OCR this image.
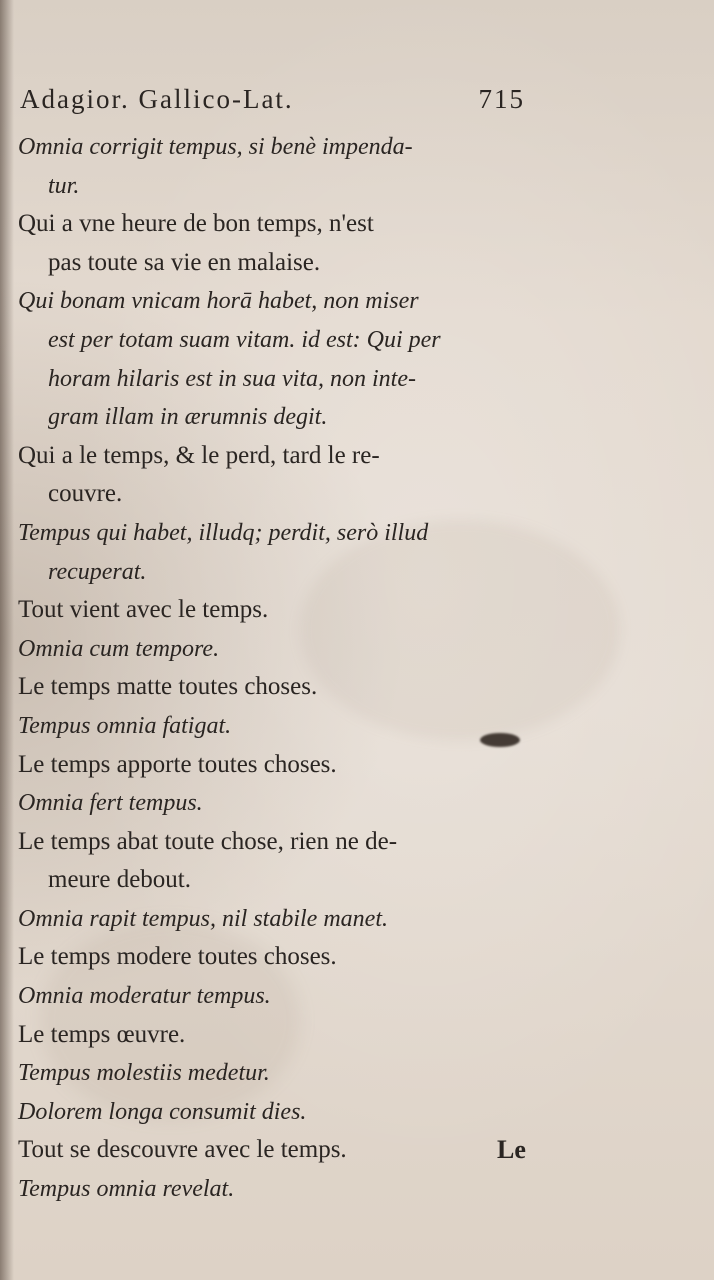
Adagior. Gallico-Lat.	715
Omnia corrigit tempus, si benè impenda-
tur.
Qui a vne heure de bon temps, n'est
pas toute sa vie en malaise.
Qui bonam vnicam horā habet, non miser
est per totam suam vitam. id est: Qui per
horam hilaris est in sua vita, non inte-
gram illam in ærumnis degit.
Qui a le temps, & le perd, tard le re-
couvre.
Tempus qui habet, illudq; perdit, serò illud
recuperat.
Tout vient avec le temps.
Omnia cum tempore.
Le temps matte toutes choses.
Tempus omnia fatigat.
Le temps apporte toutes choses.
Omnia fert tempus.
Le temps abat toute chose, rien ne de-
meure debout.
Omnia rapit tempus, nil stabile manet.
Le temps modere toutes choses.
Omnia moderatur tempus.
Le temps œuvre.
Tempus molestiis medetur.
Dolorem longa consumit dies.
Tout se descouvre avec le temps.
Tempus omnia revelat.
Le
